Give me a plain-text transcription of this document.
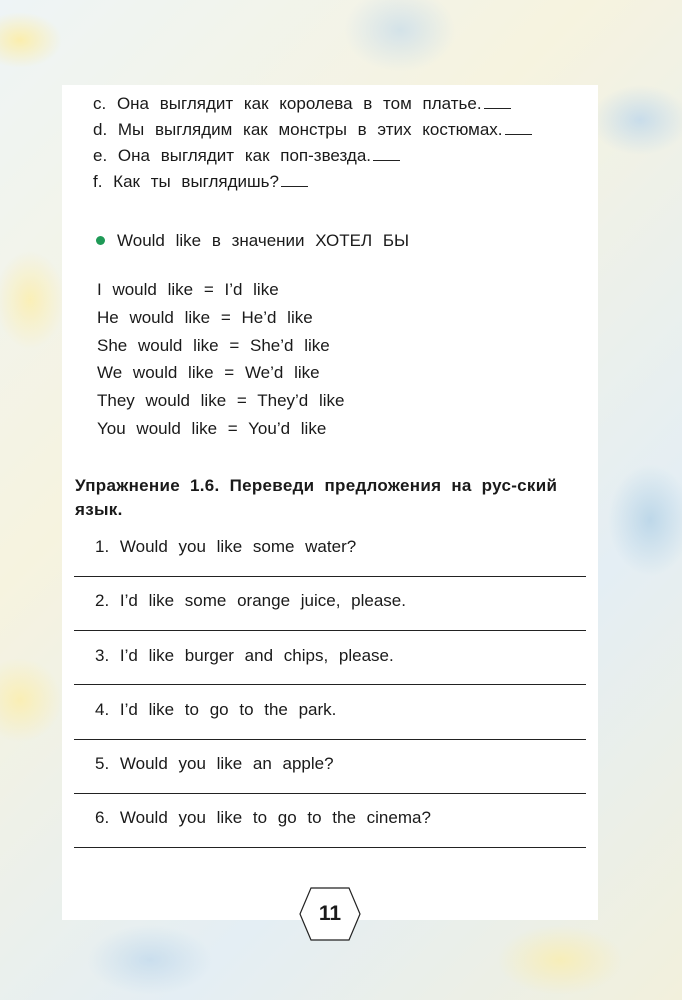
c. Она выглядит как королева в том платье.
d. Мы выглядим как монстры в этих костюмах.
e. Она выглядит как поп-звезда.
f. Как ты выглядишь?
Would like в значении ХОТЕЛ БЫ
I would like = I’d like
He would like = He’d like
She would like = She’d like
We would like = We’d like
They would like = They’d like
You would like = You’d like
Упражнение 1.6. Переведи предложения на рус-ский язык.
1. Would you like some water?
2. I’d like some orange juice, please.
3. I’d like burger and chips, please.
4. I’d like to go to the park.
5. Would you like an apple?
6. Would you like to go to the cinema?
11
